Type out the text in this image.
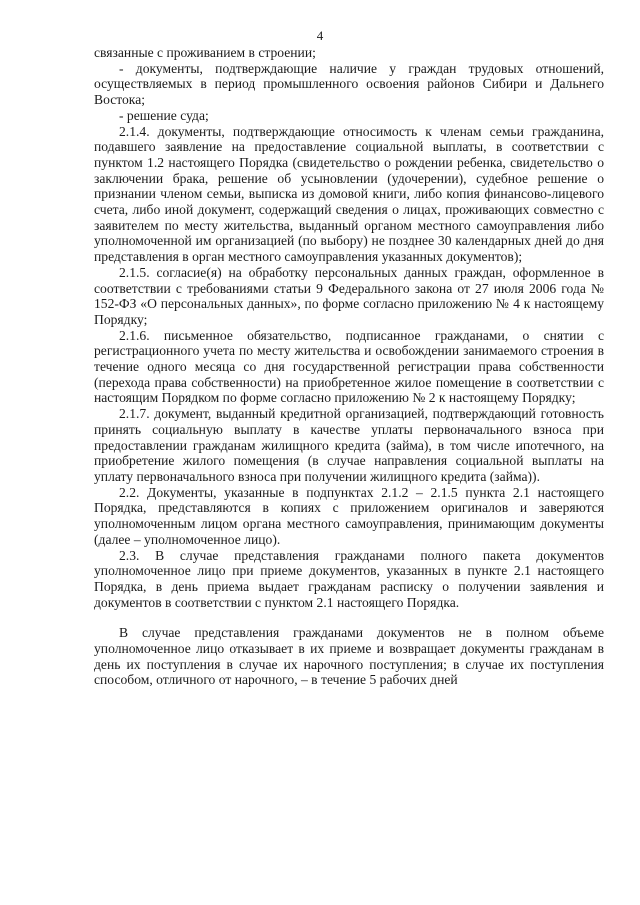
4

связанные с проживанием в строении;

- документы, подтверждающие наличие у граждан трудовых отношений, осуществляемых в период промышленного освоения районов Сибири и Дальнего Востока;

- решение суда;

2.1.4. документы, подтверждающие относимость к членам семьи гражданина, подавшего заявление на предоставление социальной выплаты, в соответствии с пунктом 1.2 настоящего Порядка (свидетельство о рождении ребенка, свидетельство о заключении брака, решение об усыновлении (удочерении), судебное решение о признании членом семьи, выписка из домовой книги, либо копия финансово-лицевого счета, либо иной документ, содержащий сведения о лицах, проживающих совместно с заявителем по месту жительства, выданный органом местного самоуправления либо уполномоченной им организацией (по выбору) не позднее 30 календарных дней до дня представления в орган местного самоуправления указанных документов);

2.1.5. согласие(я) на обработку персональных данных граждан, оформленное в соответствии с требованиями статьи 9 Федерального закона от 27 июля 2006 года № 152-ФЗ «О персональных данных», по форме согласно приложению № 4 к настоящему Порядку;

2.1.6. письменное обязательство, подписанное гражданами, о снятии с регистрационного учета по месту жительства и освобождении занимаемого строения в течение одного месяца со дня государственной регистрации права собственности (перехода права собственности) на приобретенное жилое помещение в соответствии с настоящим Порядком по форме согласно приложению № 2 к настоящему Порядку;

2.1.7. документ, выданный кредитной организацией, подтверждающий готовность принять социальную выплату в качестве уплаты первоначального взноса при предоставлении гражданам жилищного кредита (займа), в том числе ипотечного, на приобретение жилого помещения (в случае направления социальной выплаты на уплату первоначального взноса при получении жилищного кредита (займа)).

2.2. Документы, указанные в подпунктах 2.1.2 – 2.1.5 пункта 2.1 настоящего Порядка, представляются в копиях с приложением оригиналов и заверяются уполномоченным лицом органа местного самоуправления, принимающим документы (далее – уполномоченное лицо).

2.3. В случае представления гражданами полного пакета документов уполномоченное лицо при приеме документов, указанных в пункте 2.1 настоящего Порядка, в день приема выдает гражданам расписку о получении заявления и документов в соответствии с пунктом 2.1 настоящего Порядка.

В случае представления гражданами документов не в полном объеме уполномоченное лицо отказывает в их приеме и возвращает документы гражданам в день их поступления в случае их нарочного поступления; в случае их поступления способом, отличного от нарочного, – в течение 5 рабочих дней
